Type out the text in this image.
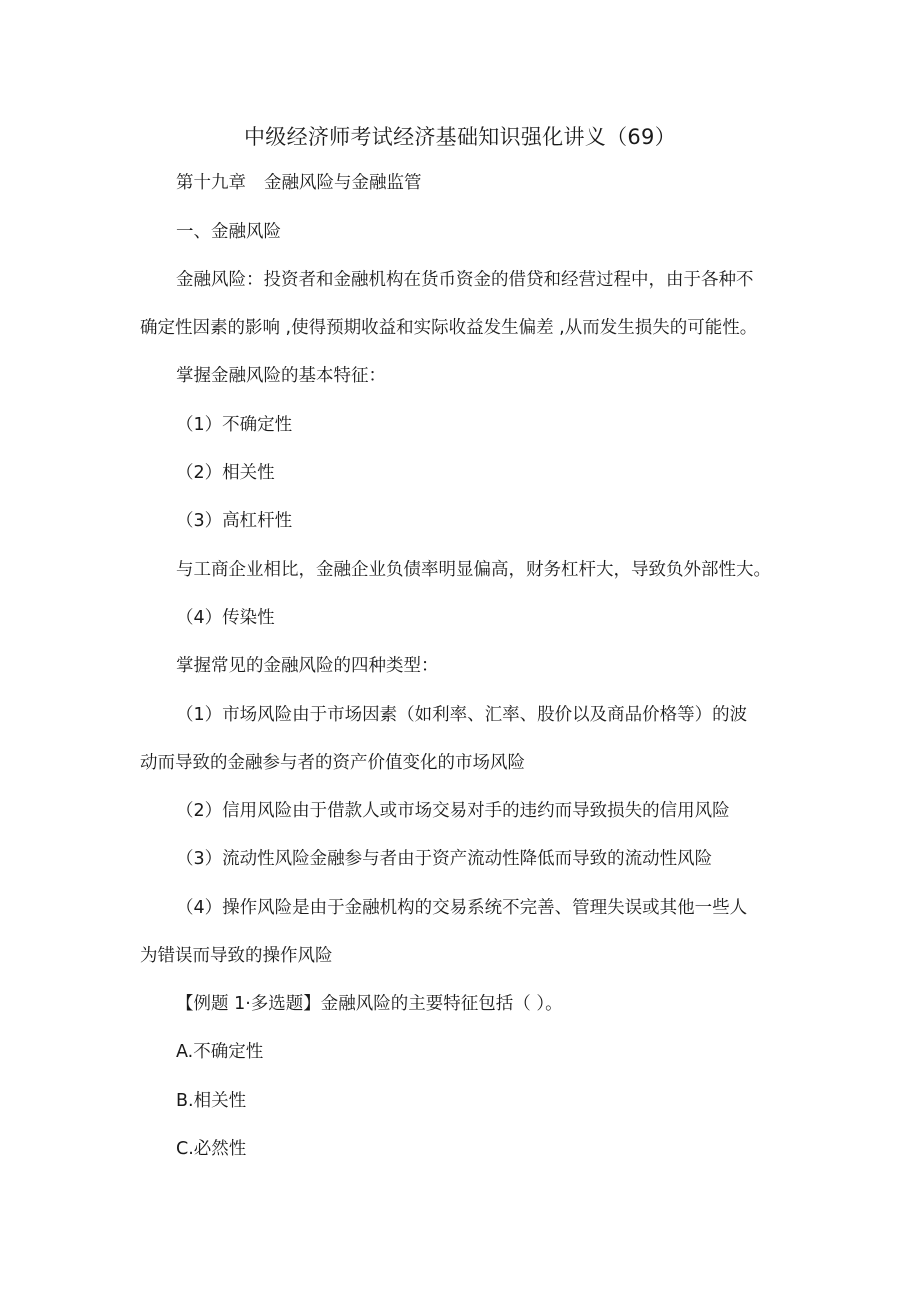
中级经济师考试经济基础知识强化讲义（69）
第十九章 金融风险与金融监管
一、金融风险
金融风险：投资者和金融机构在货币资金的借贷和经营过程中，由于各种不
确定性因素的影响 ,使得预期收益和实际收益发生偏差 ,从而发生损失的可能性。
掌握金融风险的基本特征：
（1）不确定性
（2）相关性
（3）高杠杆性
与工商企业相比，金融企业负债率明显偏高，财务杠杆大，导致负外部性大。
（4）传染性
掌握常见的金融风险的四种类型：
（1）市场风险由于市场因素（如利率、汇率、股价以及商品价格等）的波
动而导致的金融参与者的资产价值变化的市场风险
（2）信用风险由于借款人或市场交易对手的违约而导致损失的信用风险
（3）流动性风险金融参与者由于资产流动性降低而导致的流动性风险
（4）操作风险是由于金融机构的交易系统不完善、管理失误或其他一些人
为错误而导致的操作风险
【例题 1·多选题】金融风险的主要特征包括（ ）。
A.不确定性
B.相关性
C.必然性
